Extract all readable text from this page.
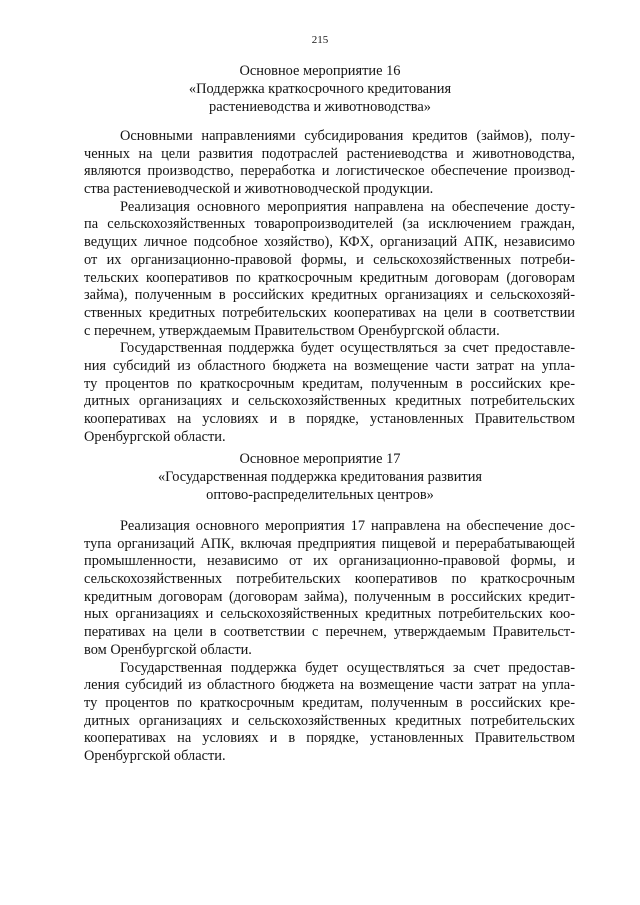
215
Основное мероприятие 16
«Поддержка краткосрочного кредитования
растениеводства и животноводства»
Основными направлениями субсидирования кредитов (займов), полу-
ченных на цели развития подотраслей растениеводства и животноводства,
являются производство, переработка и логистическое обеспечение производ-
ства растениеводческой и животноводческой продукции.
Реализация основного мероприятия направлена на обеспечение досту-
па сельскохозяйственных товаропроизводителей (за исключением граждан,
ведущих личное подсобное хозяйство), КФХ, организаций АПК, независимо
от их организационно-правовой формы, и сельскохозяйственных потреби-
тельских кооперативов по краткосрочным кредитным договорам (договорам
займа), полученным в российских кредитных организациях и сельскохозяй-
ственных кредитных потребительских кооперативах на цели в соответствии
с перечнем, утверждаемым Правительством Оренбургской области.
Государственная поддержка будет осуществляться за счет предоставле-
ния субсидий из областного бюджета на возмещение части затрат на упла-
ту процентов по краткосрочным кредитам, полученным в российских кре-
дитных организациях и сельскохозяйственных кредитных потребительских
кооперативах на условиях и в порядке, установленных Правительством
Оренбургской области.
Основное мероприятие 17
«Государственная поддержка кредитования развития
оптово-распределительных центров»
Реализация основного мероприятия 17 направлена на обеспечение дос-
тупа организаций АПК, включая предприятия пищевой и перерабатывающей
промышленности, независимо от их организационно-правовой формы, и
сельскохозяйственных потребительских кооперативов по краткосрочным
кредитным договорам (договорам займа), полученным в российских кредит-
ных организациях и сельскохозяйственных кредитных потребительских коо-
перативах на цели в соответствии с перечнем, утверждаемым Правительст-
вом Оренбургской области.
Государственная поддержка будет осуществляться за счет предостав-
ления субсидий из областного бюджета на возмещение части затрат на упла-
ту процентов по краткосрочным кредитам, полученным в российских кре-
дитных организациях и сельскохозяйственных кредитных потребительских
кооперативах на условиях и в порядке, установленных Правительством
Оренбургской области.
